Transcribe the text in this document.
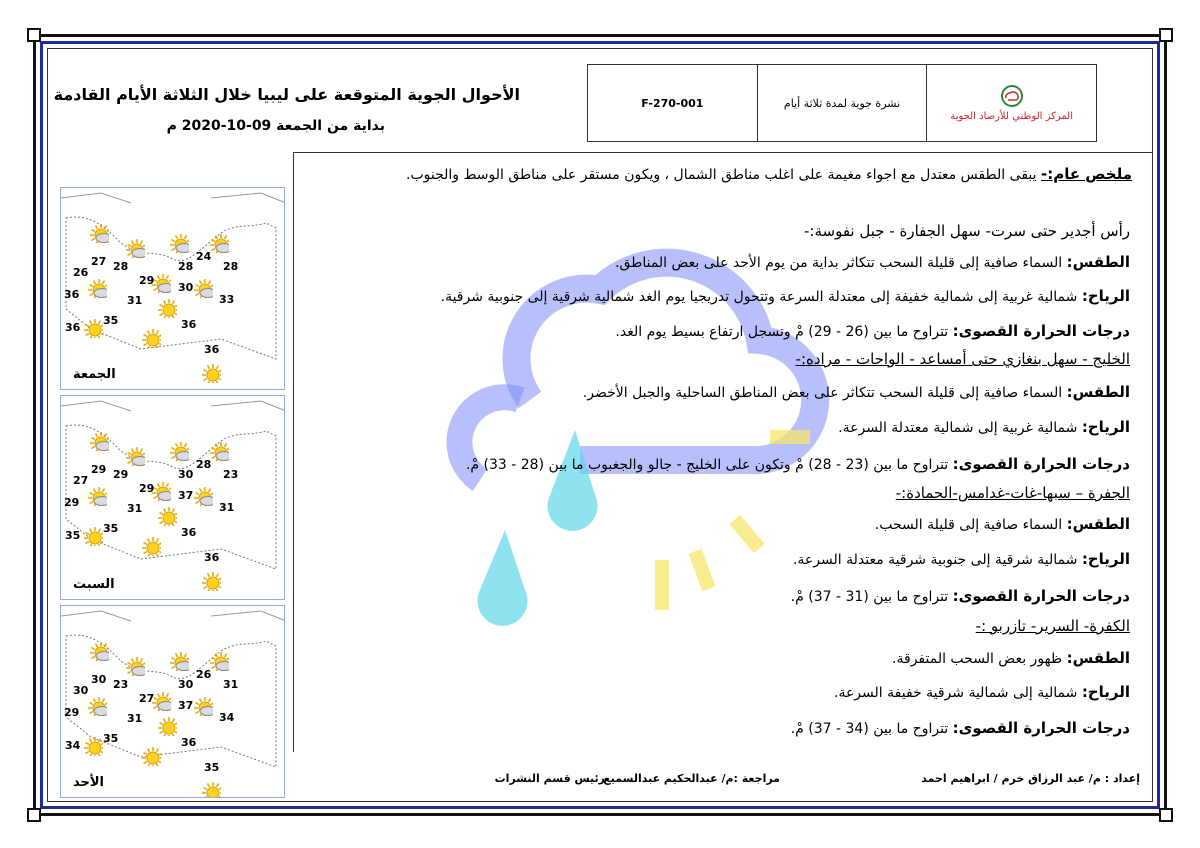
الأحوال الجوية المتوقعة على ليبيا خلال الثلاثة الأيام القادمة
بداية من الجمعة 09-10-2020 م
F-270-001	نشرة جوية لمدة ثلاثة أيام
المركز الوطني للأرصاد الجوية
ملخص عام:- يبقى الطقس معتدل مع اجواء مغيمة على اغلب مناطق الشمال ، ويكون مستقر على مناطق الوسط والجنوب.
رأس أجدير حتى سرت- سهل الجفارة - جبل نفوسة:-
الطقس: السماء صافية إلى قليلة السحب تتكاثر بداية من يوم الأحد على بعض المناطق.
الرياح: شمالية غربية إلى شمالية خفيفة إلى معتدلة السرعة وتتحول تدريجيا يوم الغد شمالية شرقية إلى جنوبية شرقية.
درجات الحرارة القصوى: تتراوح ما بين (26 - 29) مْ وتسجل ارتفاع بسيط يوم الغد.
الخليج - سهل بنغازي حتى أمساعد - الواحات - مراده:-
الطقس: السماء صافية إلى قليلة السحب تتكاثر على بعض المناطق الساحلية والجبل الأخضر.
الرياح: شمالية غربية إلى شمالية معتدلة السرعة.
درجات الحرارة القصوى: تتراوح ما بين (23 - 28) مْ وتكون على الخليج - جالو والجغبوب ما بين (28 - 33) مْ.
الجفرة – سبها-غات-غدامس-الحمادة:-
الطقس: السماء صافية إلى قليلة السحب.
الرياح: شمالية شرقية إلى جنوبية شرقية معتدلة السرعة.
درجات الحرارة القصوى: تتراوح ما بين (31 - 37) مْ.
الكفرة- السرير- تازربو :-
الطقس: ظهور بعض السحب المتفرقة.
الرياح: شمالية إلى شمالية شرقية خفيفة السرعة.
درجات الحرارة القصوى: تتراوح ما بين (34 - 37) مْ.
27 28
24
28
26
29
28
36
30
33
31
35
36	36
36
الجمعة
29 29
28
23
27
29
30
29
37
31
31
35
35	36
36
السبت
30 23
26
31
30
27
30
29
37
34
31
35
34	36
35
الأحد	إعداد : م/ عبد الرزاق خرم / ابراهيم احمد
مراجعة :م/ عبدالحكيم عبدالسميع
رئيس قسم النشرات
